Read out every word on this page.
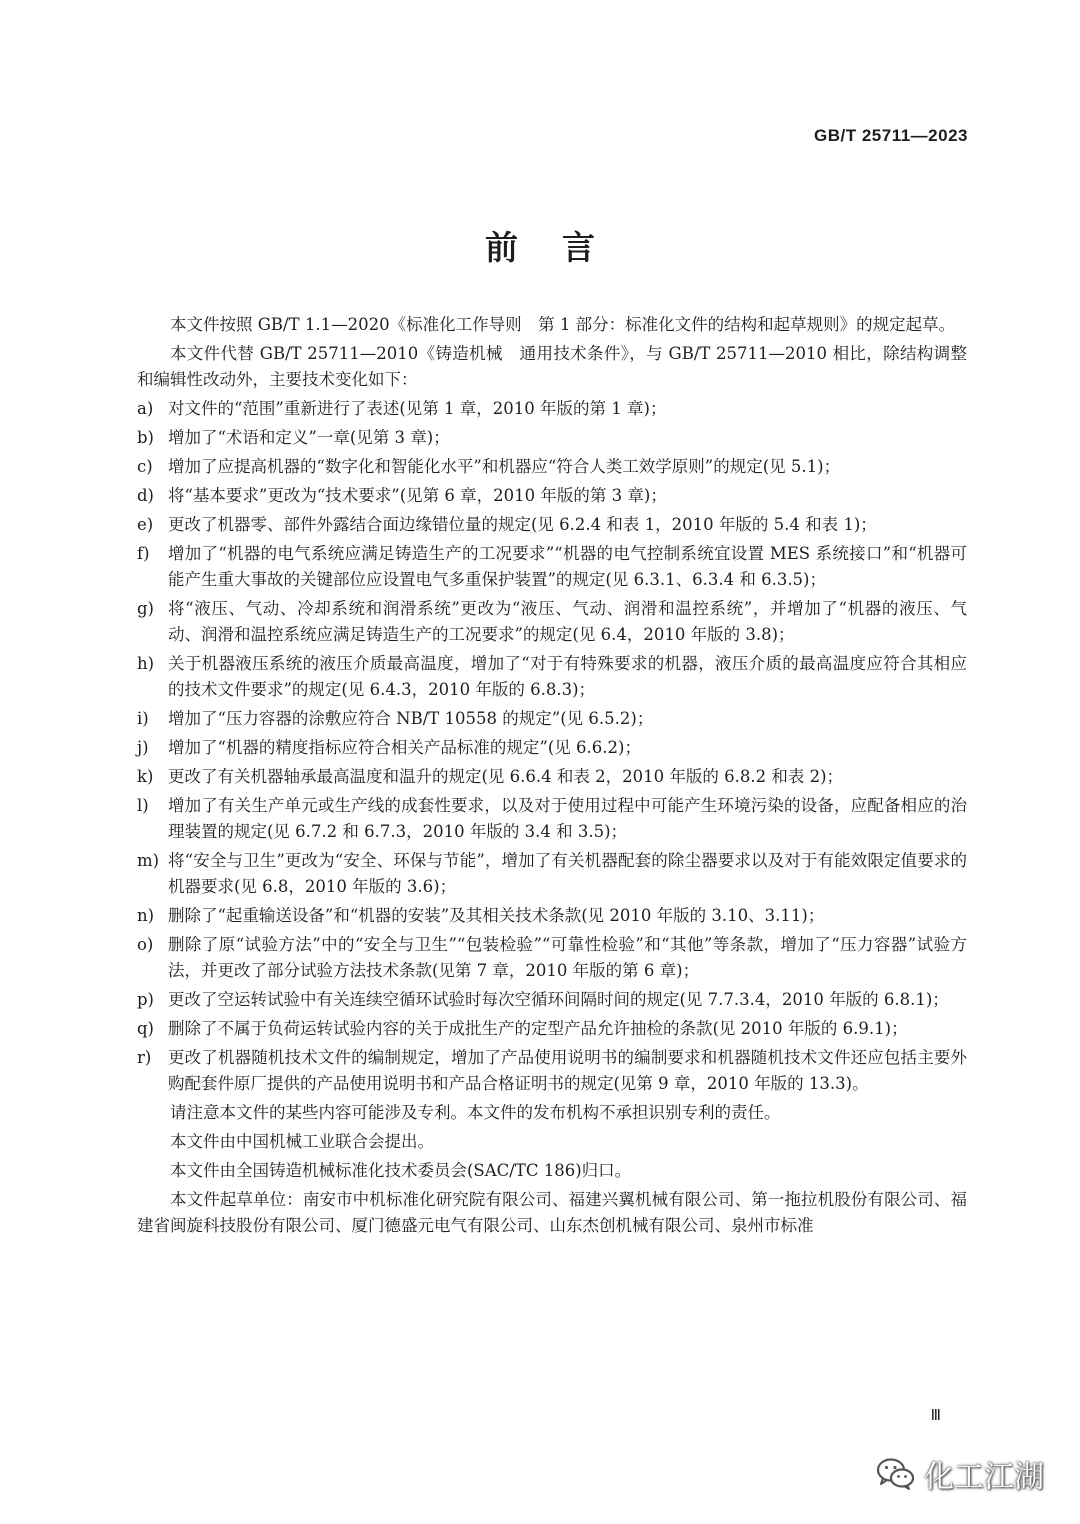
GB/T 25711—2023
前言

本文件按照 GB/T 1.1—2020《标准化工作导则　第 1 部分：标准化文件的结构和起草规则》的规定起草。

本文件代替 GB/T 25711—2010《铸造机械　通用技术条件》，与 GB/T 25711—2010 相比，除结构调整和编辑性改动外，主要技术变化如下：

a) 对文件的“范围”重新进行了表述(见第 1 章，2010 年版的第 1 章)；
b) 增加了“术语和定义”一章(见第 3 章)；
c) 增加了应提高机器的“数字化和智能化水平”和机器应“符合人类工效学原则”的规定(见 5.1)；
d) 将“基本要求”更改为“技术要求”(见第 6 章，2010 年版的第 3 章)；
e) 更改了机器零、部件外露结合面边缘错位量的规定(见 6.2.4 和表 1，2010 年版的 5.4 和表 1)；
f)	增加了“机器的电气系统应满足铸造生产的工况要求”“机器的电气控制系统宜设置 MES 系统接口”和“机器可能产生重大事故的关键部位应设置电气多重保护装置”的规定(见 6.3.1、6.3.4 和 6.3.5)；
g) 将“液压、气动、冷却系统和润滑系统”更改为“液压、气动、润滑和温控系统”，并增加了“机器的液压、气动、润滑和温控系统应满足铸造生产的工况要求”的规定(见 6.4，2010 年版的 3.8)；
h) 关于机器液压系统的液压介质最高温度，增加了“对于有特殊要求的机器，液压介质的最高温度应符合其相应的技术文件要求”的规定(见 6.4.3，2010 年版的 6.8.3)；
i)	增加了“压力容器的涂敷应符合 NB/T 10558 的规定”(见 6.5.2)；
j)	增加了“机器的精度指标应符合相关产品标准的规定”(见 6.6.2)；
k) 更改了有关机器轴承最高温度和温升的规定(见 6.6.4 和表 2，2010 年版的 6.8.2 和表 2)；
l)	增加了有关生产单元或生产线的成套性要求，以及对于使用过程中可能产生环境污染的设备，应配备相应的治理装置的规定(见 6.7.2 和 6.7.3，2010 年版的 3.4 和 3.5)；
m) 将“安全与卫生”更改为“安全、环保与节能”，增加了有关机器配套的除尘器要求以及对于有能效限定值要求的机器要求(见 6.8，2010 年版的 3.6)；
n) 删除了“起重输送设备”和“机器的安装”及其相关技术条款(见 2010 年版的 3.10、3.11)；
o) 删除了原“试验方法”中的“安全与卫生”“包装检验”“可靠性检验”和“其他”等条款，增加了“压力容器”试验方法，并更改了部分试验方法技术条款(见第 7 章，2010 年版的第 6 章)；
p) 更改了空运转试验中有关连续空循环试验时每次空循环间隔时间的规定(见 7.7.3.4，2010 年版的 6.8.1)；
q) 删除了不属于负荷运转试验内容的关于成批生产的定型产品允许抽检的条款(见 2010 年版的 6.9.1)；
r)	更改了机器随机技术文件的编制规定，增加了产品使用说明书的编制要求和机器随机技术文件还应包括主要外购配套件原厂提供的产品使用说明书和产品合格证明书的规定(见第 9 章，2010 年版的 13.3)。

请注意本文件的某些内容可能涉及专利。本文件的发布机构不承担识别专利的责任。

本文件由中国机械工业联合会提出。

本文件由全国铸造机械标准化技术委员会(SAC/TC 186)归口。

本文件起草单位：南安市中机标准化研究院有限公司、福建兴翼机械有限公司、第一拖拉机股份有限公司、福建省闽旋科技股份有限公司、厦门德盛元电气有限公司、山东杰创机械有限公司、泉州市标准

Ⅲ
化工江湖
